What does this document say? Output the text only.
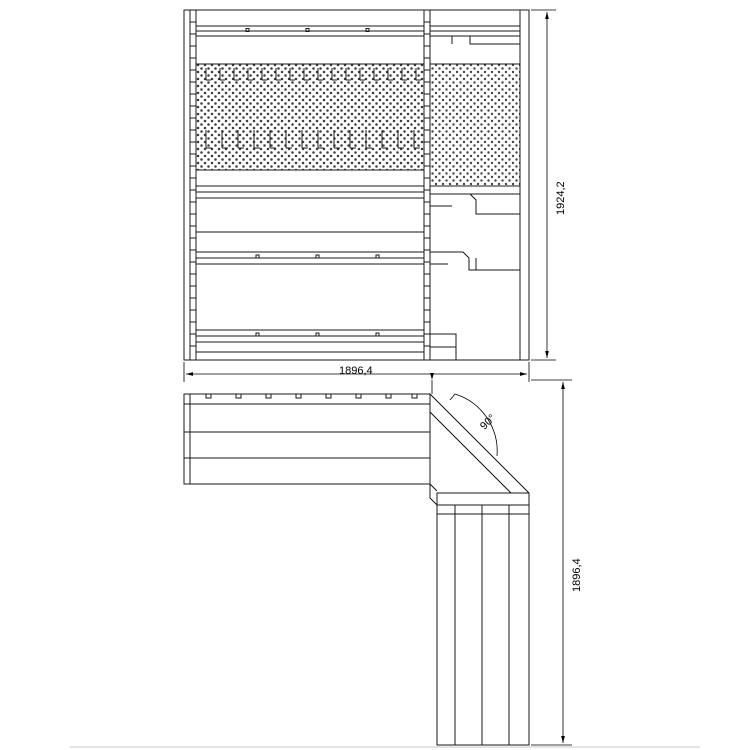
1896,4
1924,2
1896,4
90°
